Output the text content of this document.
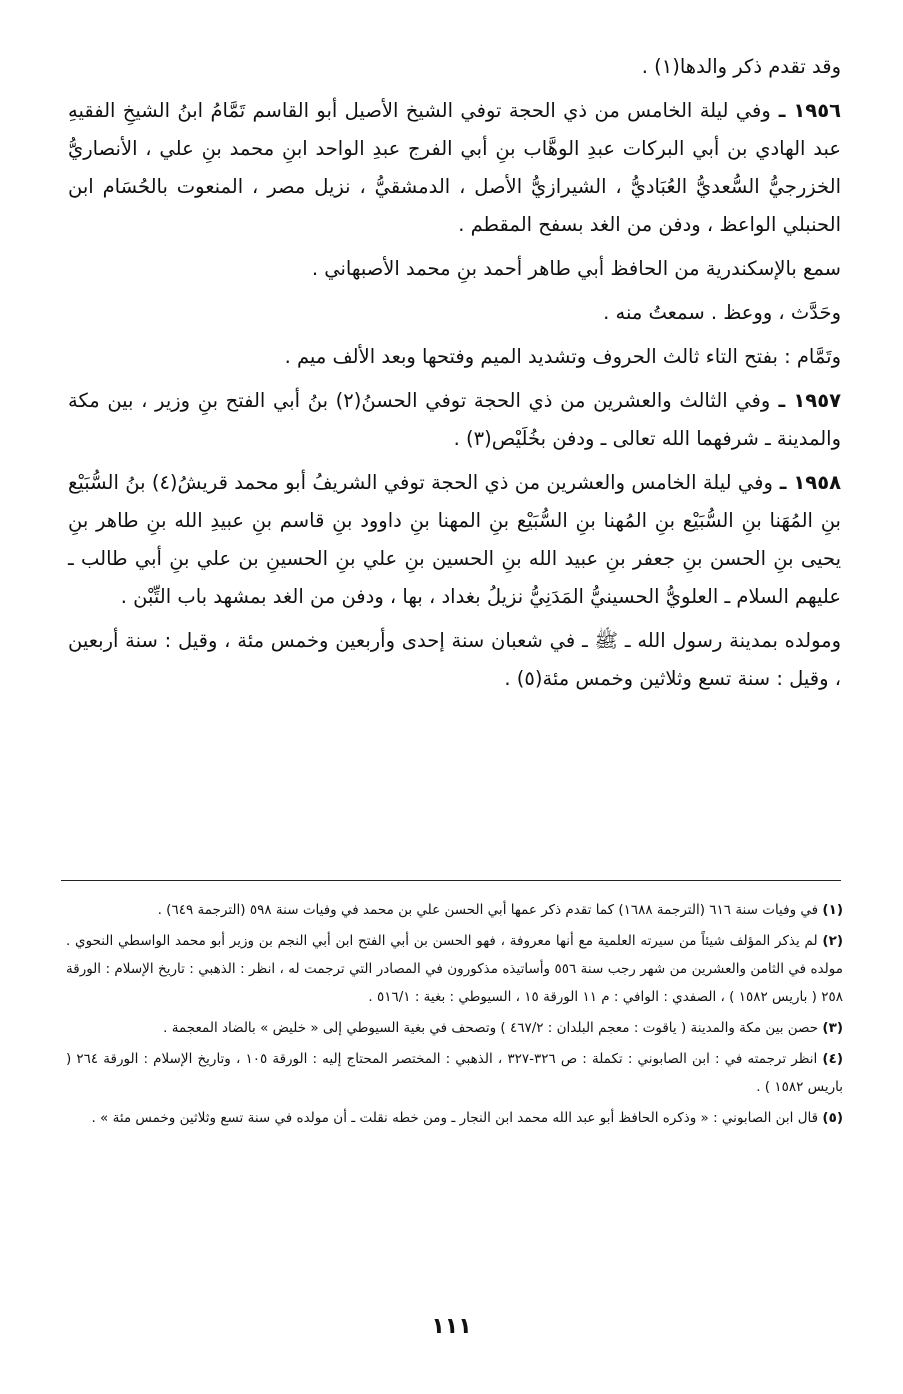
وقد تقدم ذكر والدها(١) .

١٩٥٦ ـ وفي ليلة الخامس من ذي الحجة توفي الشيخ الأصيل أبو القاسم تَمَّامُ ابنُ الشيخِ الفقيهِ عبد الهادي بن أبي البركات عبدِ الوهَّاب بنِ أبي الفرج عبدِ الواحد ابنِ محمد بنِ علي ، الأنصاريُّ الخزرجيُّ السُّعديُّ العُبَاديُّ ، الشيرازيُّ الأصل ، الدمشقيُّ ، نزيل مصر ، المنعوت بالحُسَام ابن الحنبلي الواعظ ، ودفن من الغد بسفح المقطم .

سمع بالإسكندرية من الحافظ أبي طاهر أحمد بنِ محمد الأصبهاني .

وحَدَّث ، ووعظ . سمعتُ منه .

وتَمَّام : بفتح التاء ثالث الحروف وتشديد الميم وفتحها وبعد الألف ميم .

١٩٥٧ ـ وفي الثالث والعشرين من ذي الحجة توفي الحسنُ(٢) بنُ أبي الفتح بنِ وزير ، بين مكة والمدينة ـ شرفهما الله تعالى ـ ودفن بخُلَيْص(٣) .

١٩٥٨ ـ وفي ليلة الخامس والعشرين من ذي الحجة توفي الشريفُ أبو محمد قريشُ(٤) بنُ السُّبَيْع بنِ المُهَنا بنِ السُّبَيْع بنِ المُهنا بنِ السُّبَيْع بنِ المهنا بنِ داوود بنِ قاسم بنِ عبيدِ الله بنِ طاهر بنِ يحيى بنِ الحسن بنِ جعفر بنِ عبيد الله بنِ الحسين بنِ علي بنِ الحسينِ بن علي بنِ أبي طالب ـ عليهم السلام ـ العلويُّ الحسينيُّ المَدَنِيُّ نزيلُ بغداد ، بها ، ودفن من الغد بمشهد باب التِّبْن .

ومولده بمدينة رسول الله ـ ﷺ ـ في شعبان سنة إحدى وأربعين وخمس مئة ، وقيل : سنة أربعين ، وقيل : سنة تسع وثلاثين وخمس مئة(٥) .

(١) في وفيات سنة ٦١٦ (الترجمة ١٦٨٨) كما تقدم ذكر عمها أبي الحسن علي بن محمد في وفيات سنة ٥٩٨ (الترجمة ٦٤٩) .

(٢) لم يذكر المؤلف شيئاً من سيرته العلمية مع أنها معروفة ، فهو الحسن بن أبي الفتح ابن أبي النجم بن وزير أبو محمد الواسطي النحوي . مولده في الثامن والعشرين من شهر رجب سنة ٥٥٦ وأساتيذه مذكورون في المصادر التي ترجمت له ، انظر : الذهبي : تاريخ الإسلام : الورقة ٢٥٨ ( باريس ١٥٨٢ ) ، الصفدي : الوافي : م ١١ الورقة ١٥ ، السيوطي : بغية : ٥١٦/١ .

(٣) حصن بين مكة والمدينة ( ياقوت : معجم البلدان : ٤٦٧/٢ ) وتصحف في بغية السيوطي إلى « خليض » بالضاد المعجمة .

(٤) انظر ترجمته في : ابن الصابوني : تكملة : ص ٣٢٦-٣٢٧ ، الذهبي : المختصر المحتاج إليه : الورقة ١٠٥ ، وتاريخ الإسلام : الورقة ٢٦٤ ( باريس ١٥٨٢ ) .

(٥) قال ابن الصابوني : « وذكره الحافظ أبو عبد الله محمد ابن النجار ـ ومن خطه نقلت ـ أن مولده في سنة تسع وثلاثين وخمس مئة » .

١١١
